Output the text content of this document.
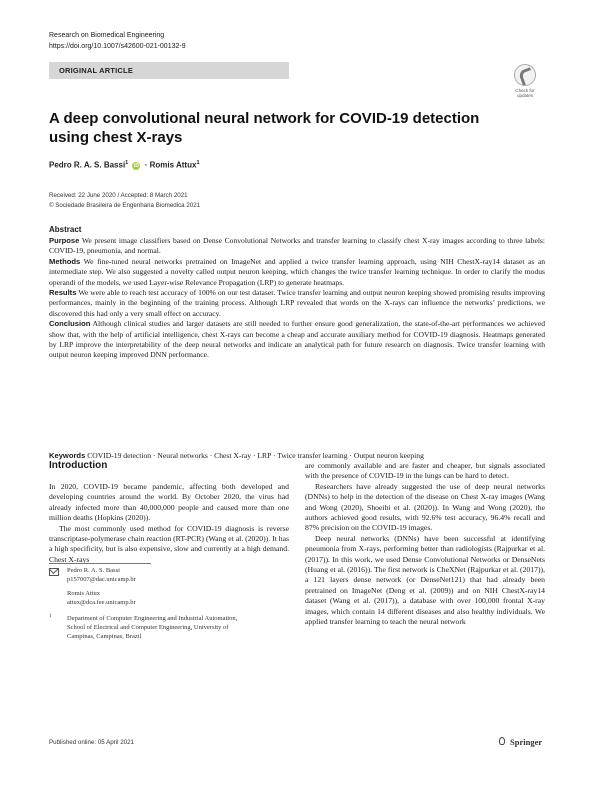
Research on Biomedical Engineering
https://doi.org/10.1007/s42600-021-00132-9
ORIGINAL ARTICLE
Check for updates
A deep convolutional neural network for COVID-19 detection using chest X-rays
Pedro R. A. S. Bassi$^1$ iD · Romis Attux$^1$
Received: 22 June 2020 / Accepted: 8 March 2021
© Sociedade Brasileira de Engenharia Biomedica 2021
Abstract

Purpose We present image classifiers based on Dense Convolutional Networks and transfer learning to classify chest X-ray images according to three labels: COVID-19, pneumonia, and normal.

Methods We fine-tuned neural networks pretrained on ImageNet and applied a twice transfer learning approach, using NIH ChestX-ray14 dataset as an intermediate step. We also suggested a novelty called output neuron keeping, which changes the twice transfer learning technique. In order to clarify the modus operandi of the models, we used Layer-wise Relevance Propagation (LRP) to generate heatmaps.

Results We were able to reach test accuracy of 100% on our test dataset. Twice transfer learning and output neuron keeping showed promising results improving performances, mainly in the beginning of the training process. Although LRP revealed that words on the X-rays can influence the networks’ predictions, we discovered this had only a very small effect on accuracy.

Conclusion Although clinical studies and larger datasets are still needed to further ensure good generalization, the state-of-the-art performances we achieved show that, with the help of artificial intelligence, chest X-rays can become a cheap and accurate auxiliary method for COVID-19 diagnosis. Heatmaps generated by LRP improve the interpretability of the deep neural networks and indicate an analytical path for future research on diagnosis. Twice transfer learning with output neuron keeping improved DNN performance.

Keywords COVID-19 detection · Neural networks · Chest X-ray · LRP · Twice transfer learning · Output neuron keeping
Introduction

In 2020, COVID-19 became pandemic, affecting both developed and developing countries around the world. By October 2020, the virus had already infected more than 40,000,000 people and caused more than one million deaths (Hopkins (2020)).

The most commonly used method for COVID-19 diagnosis is reverse transcriptase-polymerase chain reaction (RT-PCR) (Wang et al. (2020)). It has a high specificity, but is also expensive, slow and currently at a high demand. Chest X-rays

are commonly available and are faster and cheaper, but signals associated with the presence of COVID-19 in the lungs can be hard to detect.

Researchers have already suggested the use of deep neural networks (DNNs) to help in the detection of the disease on Chest X-ray images (Wang and Wong (2020), Shoeibi et al. (2020)). In Wang and Wong (2020), the authors achieved good results, with 92.6% test accuracy, 96.4% recall and 87% precision on the COVID-19 images.

Deep neural networks (DNNs) have been successful at identifying pneumonia from X-rays, performing better than radiologists (Rajpurkar et al. (2017)). In this work, we used Dense Convolutional Networks or DenseNets (Huang et al. (2016)). The first network is CheXNet (Rajpurkar et al. (2017)), a 121 layers dense network (or DenseNet121) that had already been pretrained on ImageNet (Deng et al. (2009)) and on NIH ChestX-ray14 dataset (Wang et al. (2017)), a database with over 100,000 frontal X-ray images, which contain 14 different diseases and also healthy individuals. We applied transfer learning to teach the neural network

Pedro R. A. S. Bassi
p157007@dac.unicamp.br
Romis Attux
attux@dca.fee.unicamp.br
1 Department of Computer Engineering and Industrial Automation,
School of Electrical and Computer Engineering, University of
Campinas, Campinas, Brazil
Published online: 05 April 2021	Springer
